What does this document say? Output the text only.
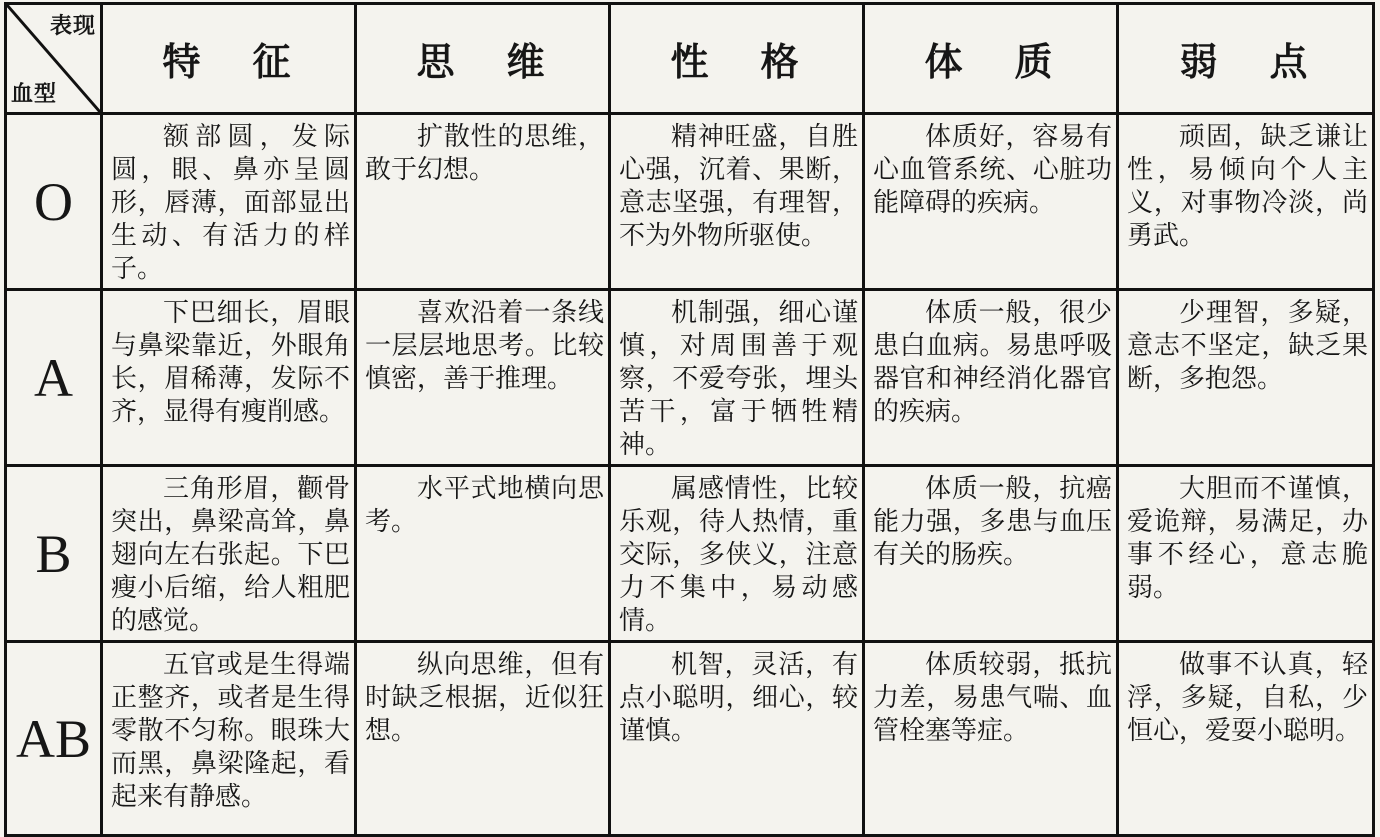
表现
血型	特征	思维	性格	体质	弱点
O	额部圆，发际圆，眼、鼻亦呈圆形，唇薄，面部显出生动、有活力的样子。	扩散性的思维，敢于幻想。	精神旺盛，自胜心强，沉着、果断，意志坚强，有理智，不为外物所驱使。	体质好，容易有心血管系统、心脏功能障碍的疾病。	顽固，缺乏谦让性，易倾向个人主义，对事物冷淡，尚勇武。

A	下巴细长，眉眼与鼻梁靠近，外眼角长，眉稀薄，发际不齐，显得有瘦削感。	喜欢沿着一条线一层层地思考。比较慎密，善于推理。	机制强，细心谨慎，对周围善于观察，不爱夸张，埋头苦干，富于牺牲精神。	体质一般，很少患白血病。易患呼吸器官和神经消化器官的疾病。	少理智，多疑，意志不坚定，缺乏果断，多抱怨。

B	三角形眉，颧骨突出，鼻梁高耸，鼻翅向左右张起。下巴瘦小后缩，给人粗肥的感觉。	水平式地横向思考。	属感情性，比较乐观，待人热情，重交际，多侠义，注意力不集中，易动感情。	体质一般，抗癌能力强，多患与血压有关的肠疾。	大胆而不谨慎，爱诡辩，易满足，办事不经心，意志脆弱。

AB	五官或是生得端正整齐，或者是生得零散不匀称。眼珠大而黑，鼻梁隆起，看起来有静感。	纵向思维，但有时缺乏根据，近似狂想。	机智，灵活，有点小聪明，细心，较谨慎。	体质较弱，抵抗力差，易患气喘、血管栓塞等症。	做事不认真，轻浮，多疑，自私，少恒心，爱耍小聪明。
